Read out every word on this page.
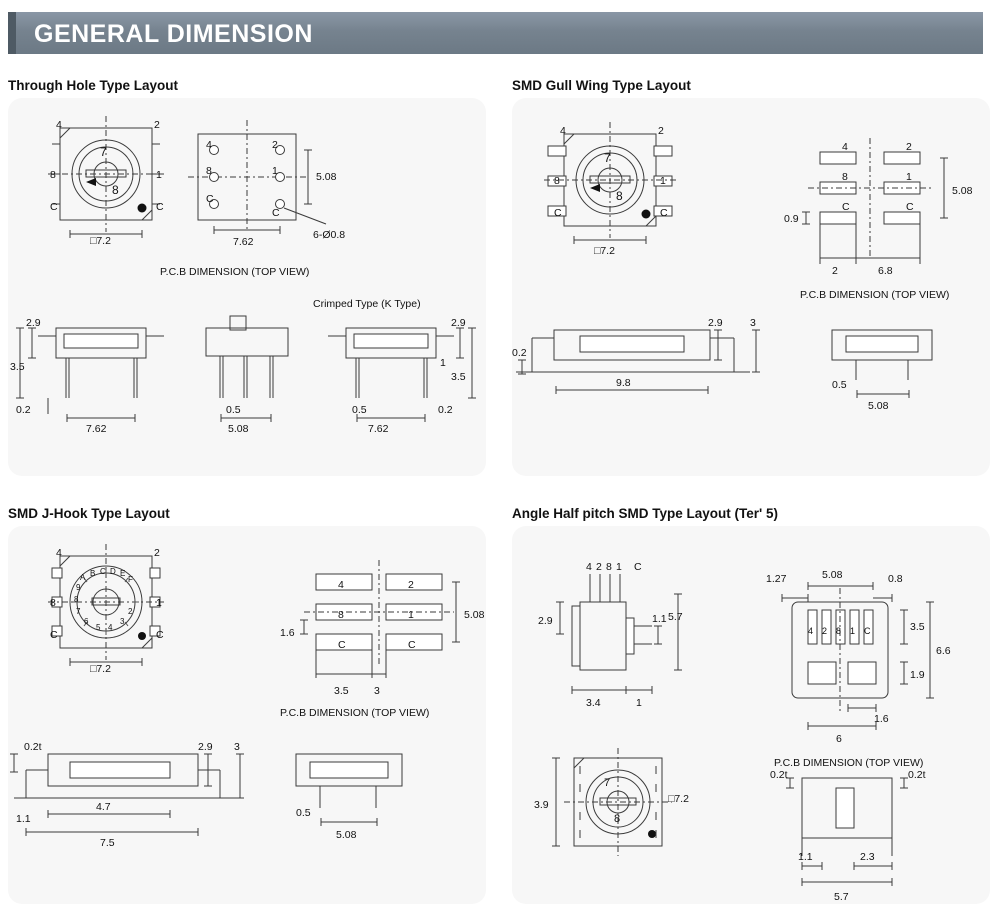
GENERAL DIMENSION
Through Hole Type Layout	SMD Gull Wing Type Layout
SMD J-Hook Type Layout	Angle Half pitch SMD Type Layout (Ter' 5)
4	2
8	1
C	C
7
8
□7.2
4	2
8	1
C
C
7.62
5.08
6-Ø0.8
P.C.B DIMENSION (TOP VIEW)
Crimped Type (K Type)
2.9
3.5
0.2
7.62
0.5
5.08
0.5	0.2
7.62
2.9
1
3.5
4	2
8	1
C	C
7
8
□7.2
4	2
8	1
C	C
5.08
0.9
2	6.8
P.C.B DIMENSION (TOP VIEW)
2.9	3
0.2
9.8	0.5
5.08
4	2
8	1
C	C
A B C D E
F
9
8
7
6
5 4
3
2
□7.2
4	2
8	1
C	C
5.08
1.6
3.5 3
P.C.B DIMENSION (TOP VIEW)
0.2t	2.9 3
1.1
4.7
7.5
0.5
5.08
4 2 8 1 C
2.9	1.1 5.7
3.4	1
3.9
7
8
□7.2
5.08
1.27	0.8
4 2 8 1 C	3.5
6.6
1.9
1.6
6
P.C.B DIMENSION (TOP VIEW)
0.2t	0.2t
1.1	2.3
5.7
